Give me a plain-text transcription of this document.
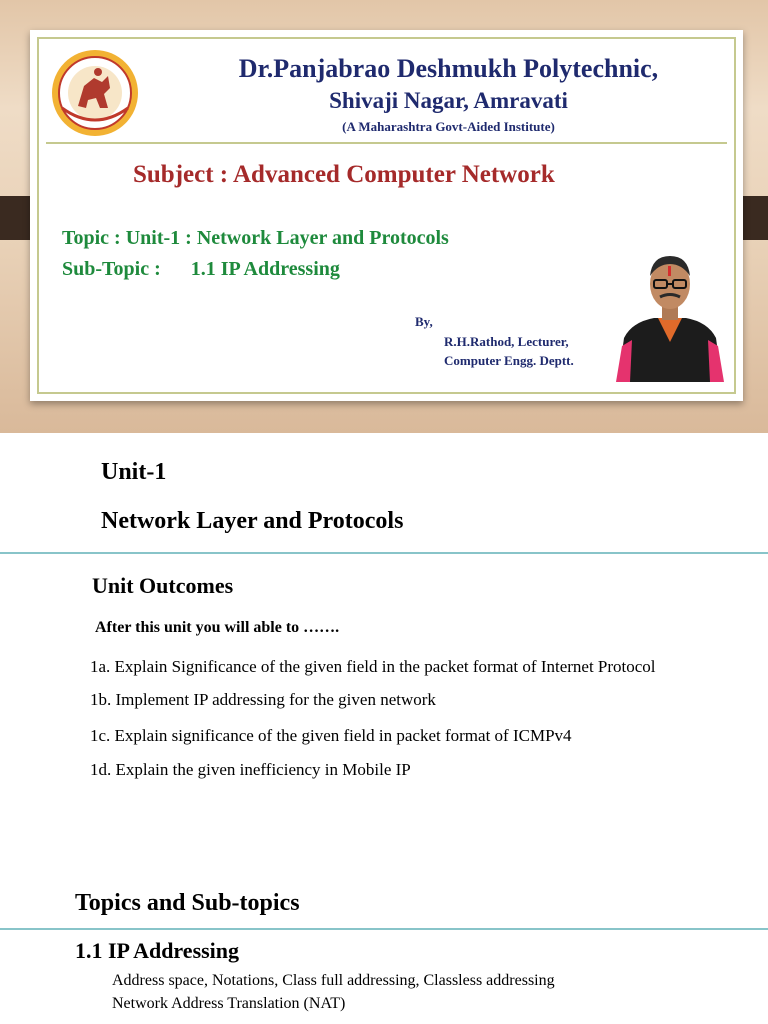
Dr.Panjabrao Deshmukh Polytechnic,
Shivaji Nagar, Amravati
(A Maharashtra Govt-Aided Institute)
Subject : Advanced Computer Network
Topic : Unit-1 : Network Layer and Protocols
Sub-Topic :      1.1 IP Addressing
By,
R.H.Rathod, Lecturer,
Computer Engg. Deptt.
Unit-1
Network Layer and Protocols
Unit Outcomes
After this unit you will able to …….
1a. Explain Significance of the given field in the packet format of Internet Protocol
1b. Implement IP addressing for the given network
1c. Explain significance of the given field in packet format of ICMPv4
1d. Explain the given inefficiency in Mobile IP
Topics and Sub-topics
1.1 IP Addressing
Address space, Notations, Class full addressing, Classless addressing
Network Address Translation (NAT)
